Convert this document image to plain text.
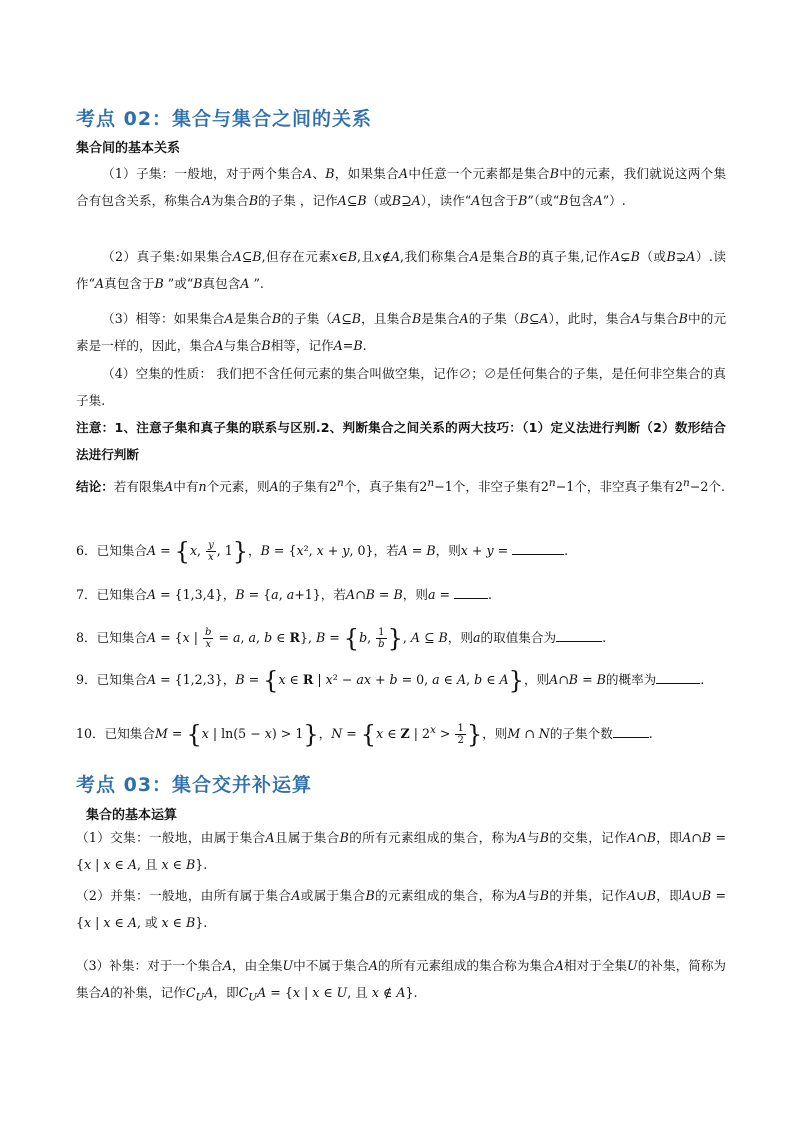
考点 02：集合与集合之间的关系
集合间的基本关系
（1）子集：一般地，对于两个集合A、B，如果集合A中任意一个元素都是集合B中的元素，我们就说这两个集合有包含关系，称集合A为集合B的子集 ，记作A⊆B（或B⊇A），读作“A包含于B”（或“B包含A”）.
（2）真子集:如果集合A⊆B,但存在元素x∈B,且x∉A,我们称集合A是集合B的真子集,记作A⊊B（或B⊋A）.读作“A真包含于B ”或“B真包含A ”.
（3）相等：如果集合A是集合B的子集（A⊆B，且集合B是集合A的子集（B⊆A），此时，集合A与集合B中的元素是一样的，因此，集合A与集合B相等，记作A=B.
（4）空集的性质： 我们把不含任何元素的集合叫做空集，记作∅；∅是任何集合的子集，是任何非空集合的真子集.
注意：1、注意子集和真子集的联系与区别.2、判断集合之间关系的两大技巧：（1）定义法进行判断（2）数形结合法进行判断
结论：若有限集A中有n个元素，则A的子集有2$^n$个，真子集有$2^n-1$个，非空子集有$2^n-1$个，非空真子集有$2^n-2$个.
6．已知集合A = {x, $\frac{y}{x}$ , 1}，B = {x², x + y, 0}，若A = B，则x + y =	.
7．已知集合A = {1,3,4}，B = {a, a+1}，若A∩B = B，则a =	.
8．已知集合A = {x | $\frac{b}{x} = a$, a, b ∈ R}, B = {b, $\frac{1}{b}$ }, A ⊆ B，则a的取值集合为	.
9．已知集合A = {1,2,3}，B = {x ∈ R | x² − ax + b = 0, a ∈ A, b ∈ A}，则A∩B = B的概率为	.
10．已知集合M = {x | ln(5 − x) > 1}，N = {x ∈ Z | $2^x > \frac{1}{2}$ }，则M ∩ N的子集个数	.
考点 03：集合交并补运算
集合的基本运算
（1）交集：一般地，由属于集合A且属于集合B的所有元素组成的集合，称为A与B的交集，记作A∩B，即A∩B = {x | x ∈ A, 且 x ∈ B}.
（2）并集：一般地，由所有属于集合A或属于集合B的元素组成的集合，称为A与B的并集，记作A∪B，即A∪B = {x | x ∈ A, 或 x ∈ B}.
（3）补集：对于一个集合A，由全集U中不属于集合A的所有元素组成的集合称为集合A相对于全集U的补集，简称为集合A的补集，记作$C_UA$，即$C_UA = \{x$ | x ∈ U, 且 x ∉ A}.
